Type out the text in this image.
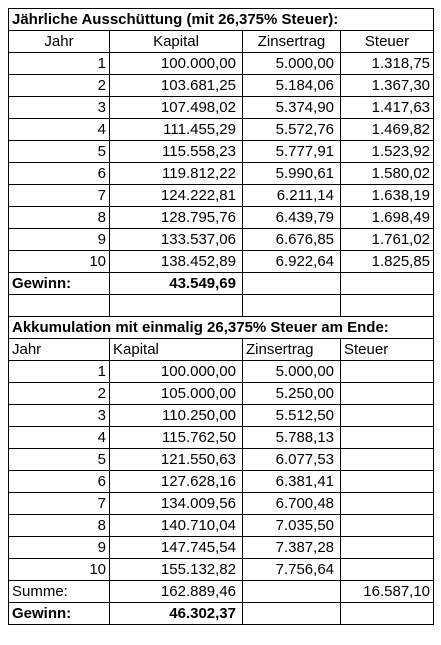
Jährliche Ausschüttung (mit 26,375% Steuer):			
Jahr	Kapital	Zinsertrag	Steuer
1	100.000,00	5.000,00	1.318,75
2	103.681,25	5.184,06	1.367,30
3	107.498,02	5.374,90	1.417,63
4	111.455,29	5.572,76	1.469,82
5	115.558,23	5.777,91	1.523,92
6	119.812,22	5.990,61	1.580,02
7	124.222,81	6.211,14	1.638,19
8	128.795,76	6.439,79	1.698,49
9	133.537,06	6.676,85	1.761,02
10	138.452,89	6.922,64	1.825,85
Gewinn:	43.549,69		

Akkumulation mit einmalig 26,375% Steuer am Ende:			
Jahr	Kapital	Zinsertrag	Steuer
1	100.000,00	5.000,00	
2	105.000,00	5.250,00	
3	110.250,00	5.512,50	
4	115.762,50	5.788,13	
5	121.550,63	6.077,53	
6	127.628,16	6.381,41	
7	134.009,56	6.700,48	
8	140.710,04	7.035,50	
9	147.745,54	7.387,28	
10	155.132,82	7.756,64	
Summe:	162.889,46		16.587,10
Gewinn:	46.302,37		
